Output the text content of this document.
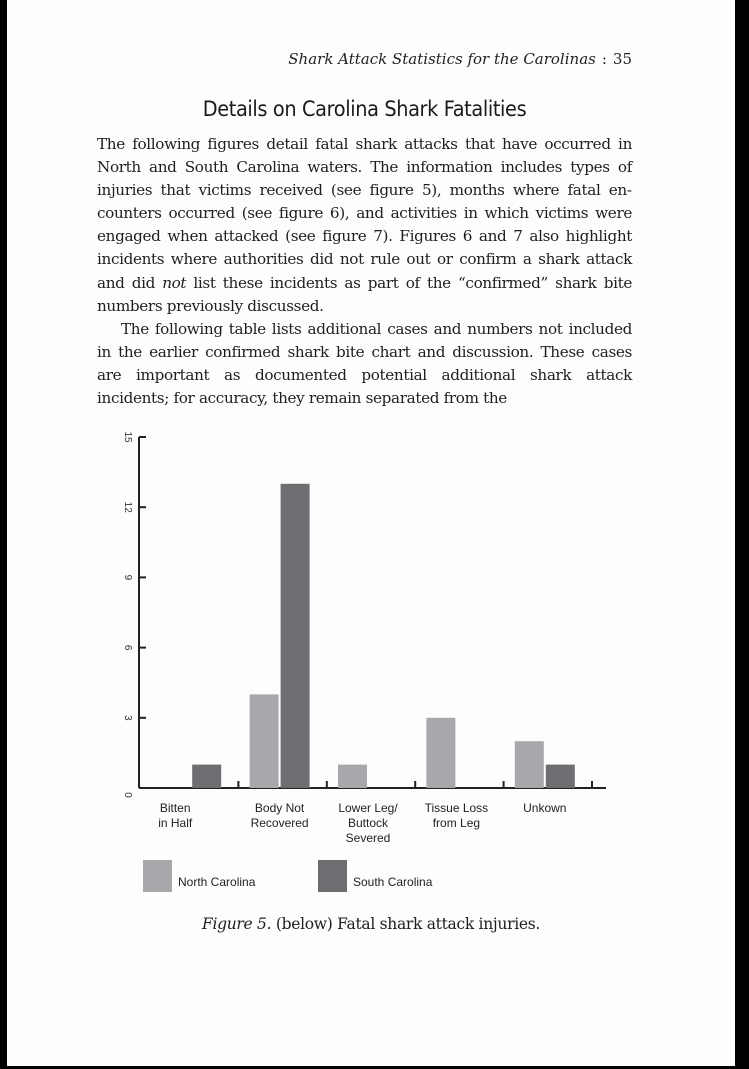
Shark Attack Statistics for the Carolinas : 35
Details on Carolina Shark Fatalities

The following figures detail fatal shark attacks that have occurred in North and South Carolina waters. The information includes types of injuries that victims received (see figure 5), months where fatal encounters occurred (see figure 6), and activities in which victims were engaged when attacked (see figure 7). Figures 6 and 7 also highlight incidents where authorities did not rule out or confirm a shark attack and did not list these incidents as part of the “confirmed” shark bite numbers previously discussed.

The following table lists additional cases and numbers not included in the earlier confirmed shark bite chart and discussion. These cases are important as documented potential additional shark attack incidents; for accuracy, they remain separated from the

0
3
6
9
12
15
Bitten
in Half
Body Not
Recovered
Lower Leg/
Buttock
Severed
Tissue Loss
from Leg
Unkown
North Carolina	South Carolina
Figure 5. (below) Fatal shark attack injuries.
